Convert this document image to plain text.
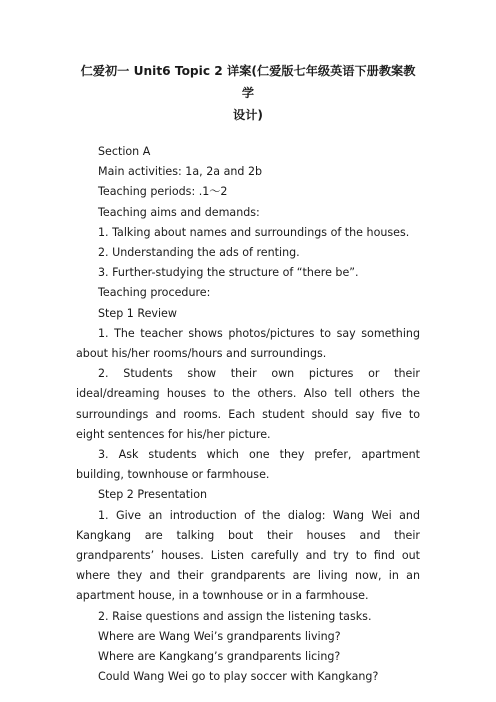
仁爱初一 Unit6 Topic 2 详案(仁爱版七年级英语下册教案教学
设计)

Section A

Main activities: 1a, 2a and 2b

Teaching periods: .1～2

Teaching aims and demands:

1. Talking about names and surroundings of the houses.

2. Understanding the ads of renting.

3. Further-studying the structure of “there be”.

Teaching procedure:

Step 1 Review

1. The teacher shows photos/pictures to say something about his/her rooms/hours and surroundings.

2. Students show their own pictures or their ideal/dreaming houses to the others. Also tell others the surroundings and rooms. Each student should say five to eight sentences for his/her picture.

3. Ask students which one they prefer, apartment building, townhouse or farmhouse.

Step 2 Presentation

1. Give an introduction of the dialog: Wang Wei and Kangkang are talking bout their houses and their grandparents’ houses. Listen carefully and try to find out where they and their grandparents are living now, in an apartment house, in a townhouse or in a farmhouse.

2. Raise questions and assign the listening tasks.

Where are Wang Wei’s grandparents living?

Where are Kangkang’s grandparents licing?

Could Wang Wei go to play soccer with Kangkang?
